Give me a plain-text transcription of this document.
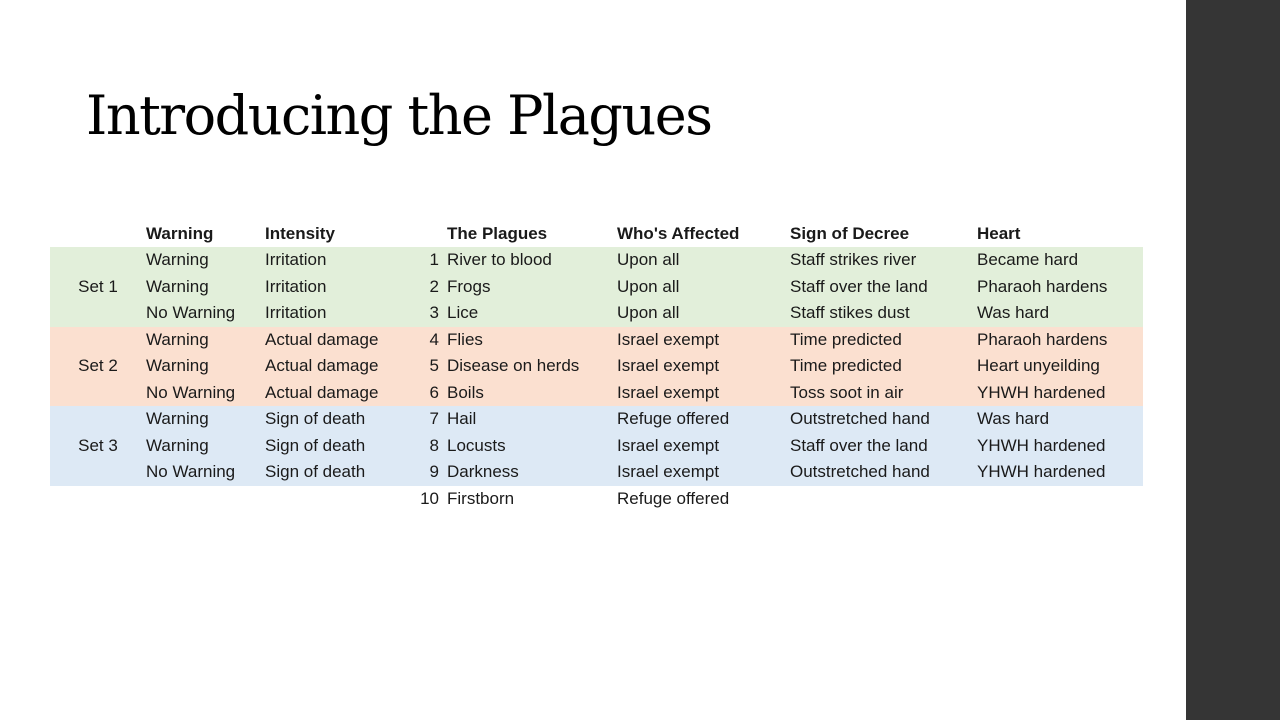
Introducing the Plagues
	Warning	Intensity		The Plagues	Who's Affected	Sign of Decree	Heart
	Warning	Irritation	1	River to blood	Upon all	Staff strikes river	Became hard
Set 1	Warning	Irritation	2	Frogs	Upon all	Staff over the land	Pharaoh hardens
	No Warning	Irritation	3	Lice	Upon all	Staff stikes dust	Was hard
	Warning	Actual damage	4	Flies	Israel exempt	Time predicted	Pharaoh hardens
Set 2	Warning	Actual damage	5	Disease on herds	Israel exempt	Time predicted	Heart unyeilding
	No Warning	Actual damage	6	Boils	Israel exempt	Toss soot in air	YHWH hardened
	Warning	Sign of death	7	Hail	Refuge offered	Outstretched hand	Was hard
Set 3	Warning	Sign of death	8	Locusts	Israel exempt	Staff over the land	YHWH hardened
	No Warning	Sign of death	9	Darkness	Israel exempt	Outstretched hand	YHWH hardened
			10	Firstborn	Refuge offered		
